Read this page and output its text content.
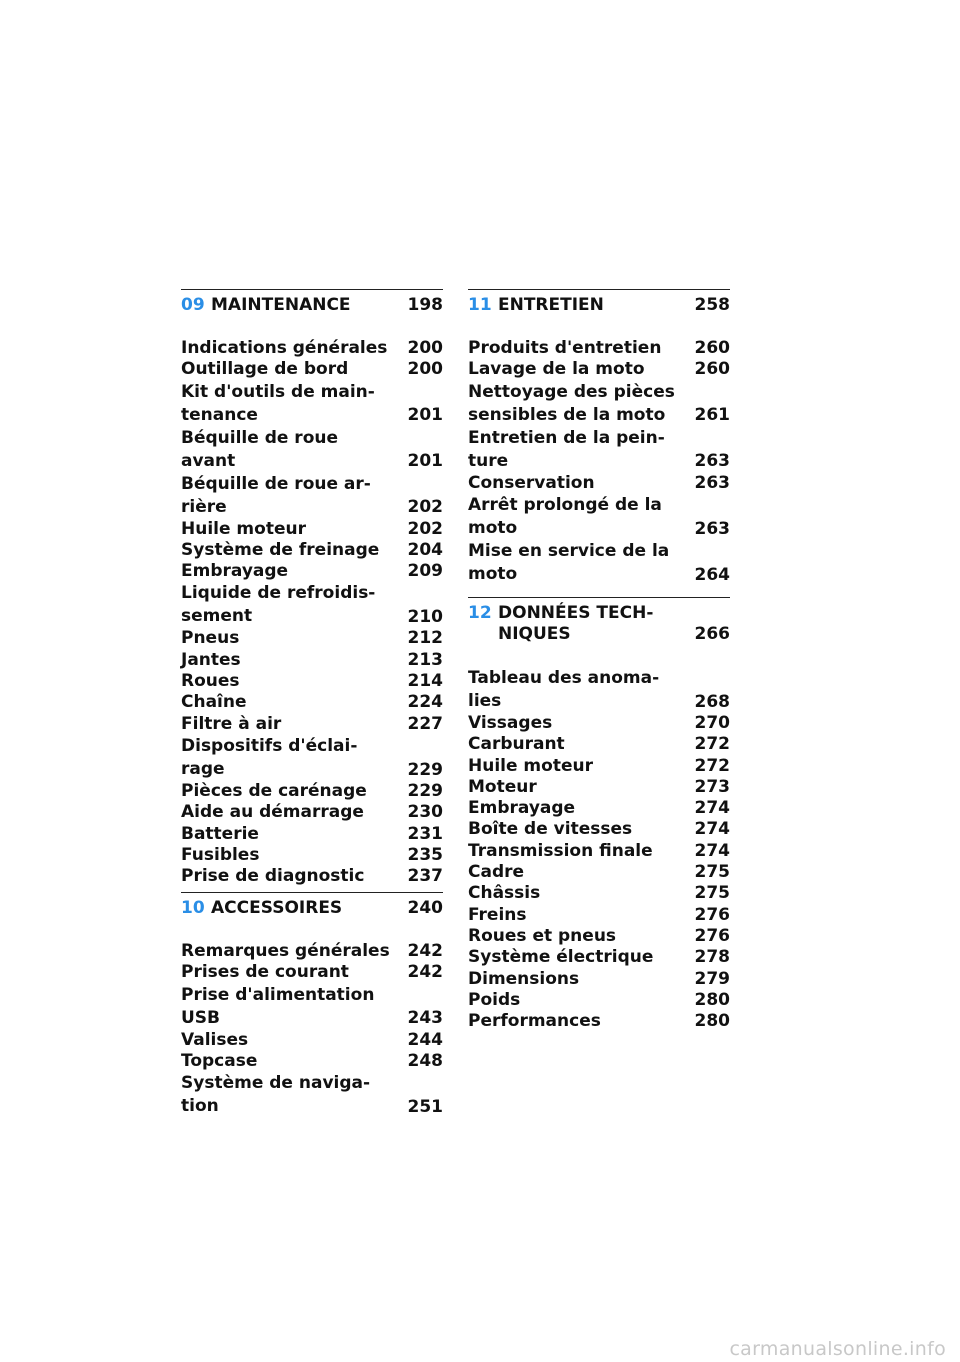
09 MAINTENANCE	198
Indications générales	200
Outillage de bord	200
Kit d'outils de main-
tenance	201
Béquille de roue
avant	201
Béquille de roue ar-
rière	202
Huile moteur	202
Système de freinage	204
Embrayage	209
Liquide de refroidis-
sement	210
Pneus	212
Jantes	213
Roues	214
Chaîne	224
Filtre à air	227
Dispositifs d'éclai-
rage	229
Pièces de carénage	229
Aide au démarrage	230
Batterie	231
Fusibles	235
Prise de diagnostic	237
10 ACCESSOIRES	240
Remarques générales	242
Prises de courant	242
Prise d'alimentation
USB	243
Valises	244
Topcase	248
Système de naviga-
tion	251
11 ENTRETIEN	258
Produits d'entretien	260
Lavage de la moto	260
Nettoyage des pièces
sensibles de la moto	261
Entretien de la pein-
ture	263
Conservation	263
Arrêt prolongé de la
moto	263
Mise en service de la
moto	264
12 DONNÉES TECH-
NIQUES	266
Tableau des anoma-
lies	268
Vissages	270
Carburant	272
Huile moteur	272
Moteur	273
Embrayage	274
Boîte de vitesses	274
Transmission finale	274
Cadre	275
Châssis	275
Freins	276
Roues et pneus	276
Système électrique	278
Dimensions	279
Poids	280
Performances	280
carmanualsonline.info
